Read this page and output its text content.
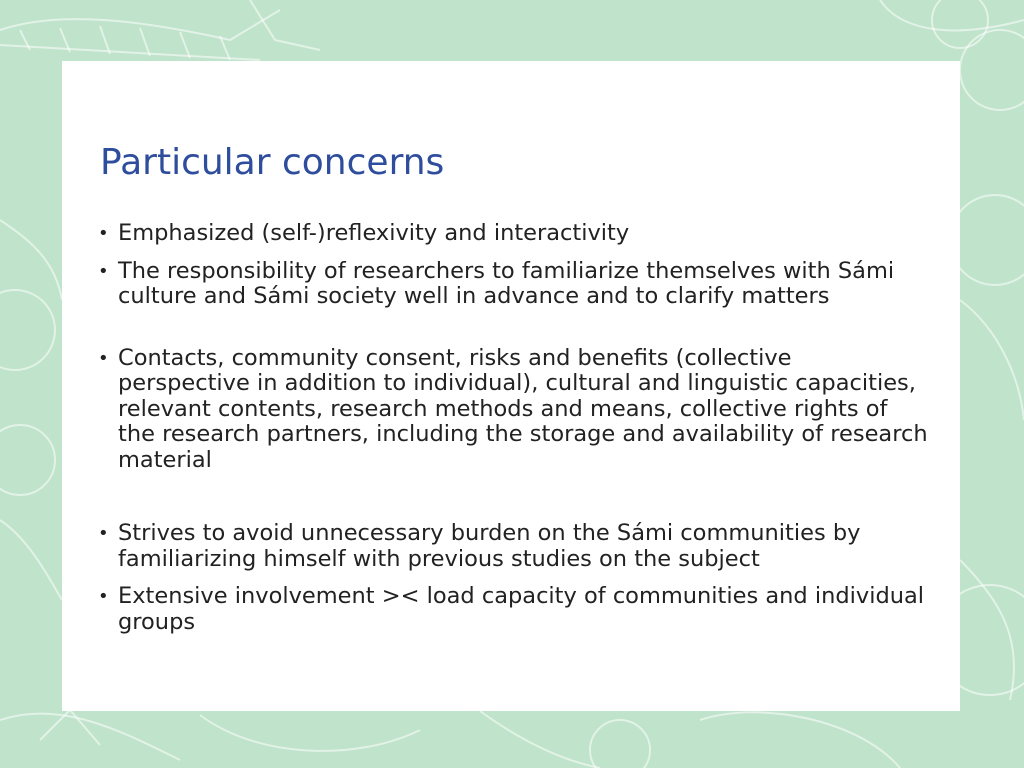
Particular concerns
• Emphasized (self-)reflexivity and interactivity
• The responsibility of researchers to familiarize themselves with Sámi culture and Sámi society well in advance and to clarify matters
• Contacts, community consent, risks and benefits (collective perspective in addition to individual), cultural and linguistic capacities, relevant contents, research methods and means, collective rights of the research partners, including the storage and availability of research material
• Strives to avoid unnecessary burden on the Sámi communities by familiarizing himself with previous studies on the subject
• Extensive involvement >< load capacity of communities and individual groups
